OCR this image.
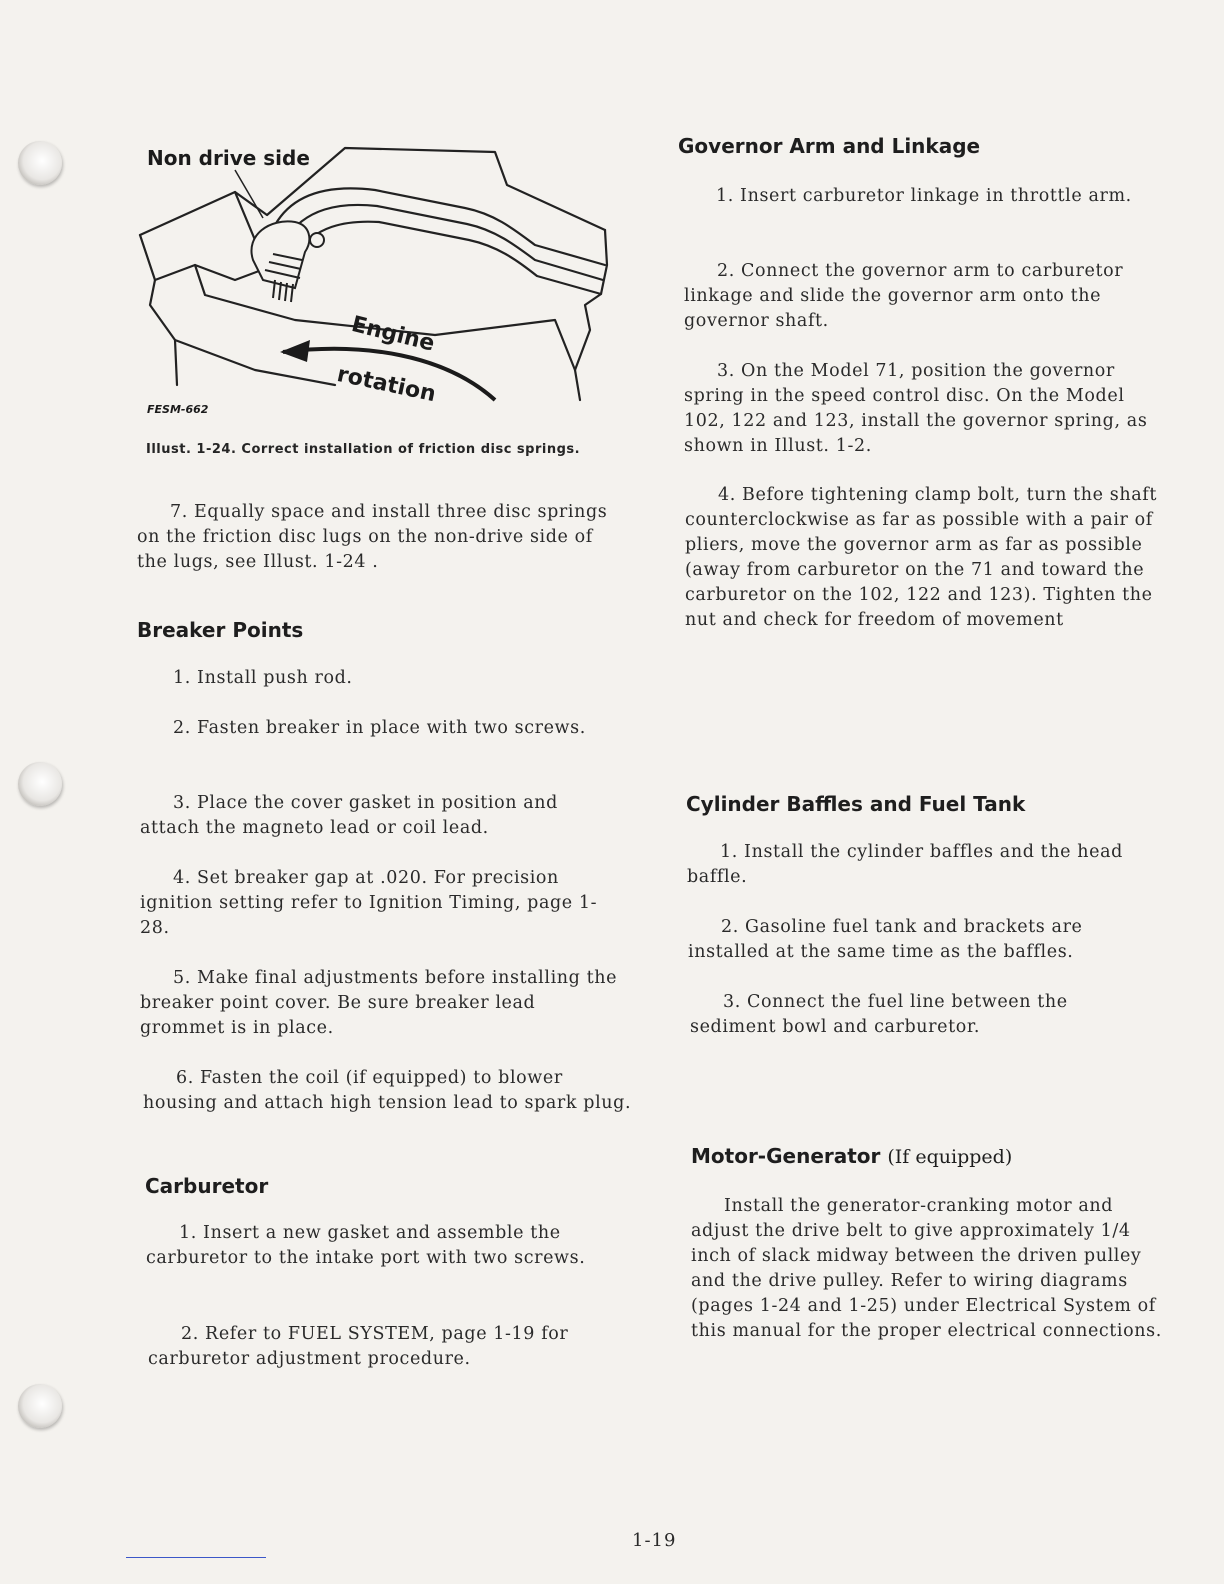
Non drive side

Engine

rotation

FESM-662

Illust. 1-24. Correct installation of friction disc springs.

7. Equally space and install three disc springs on the friction disc lugs on the non-drive side of the lugs, see Illust. 1-24 .

Breaker Points

1. Install push rod.

2. Fasten breaker in place with two screws.

3. Place the cover gasket in position and attach the magneto lead or coil lead.

4. Set breaker gap at .020. For precision ignition setting refer to Ignition Timing, page 1-28.

5. Make final adjustments before installing the breaker point cover. Be sure breaker lead grommet is in place.

6. Fasten the coil (if equipped) to blower housing and attach high tension lead to spark plug.

Carburetor

1. Insert a new gasket and assemble the carburetor to the intake port with two screws.

2. Refer to FUEL SYSTEM, page 1-19 for carburetor adjustment procedure.

Governor Arm and Linkage

1. Insert carburetor linkage in throttle arm.

2. Connect the governor arm to carburetor linkage and slide the governor arm onto the governor shaft.

3. On the Model 71, position the governor spring in the speed control disc. On the Model 102, 122 and 123, install the governor spring, as shown in Illust. 1-2.

4. Before tightening clamp bolt, turn the shaft counterclockwise as far as possible with a pair of pliers, move the governor arm as far as possible (away from carburetor on the 71 and toward the carburetor on the 102, 122 and 123). Tighten the nut and check for freedom of movement

Cylinder Baffles and Fuel Tank

1. Install the cylinder baffles and the head baffle.

2. Gasoline fuel tank and brackets are installed at the same time as the baffles.

3. Connect the fuel line between the sediment bowl and carburetor.

Motor-Generator (If equipped)

Install the generator-cranking motor and adjust the drive belt to give approximately 1/4 inch of slack midway between the driven pulley and the drive pulley. Refer to wiring diagrams (pages 1-24 and 1-25) under Electrical System of this manual for the proper electrical connections.

1-19
